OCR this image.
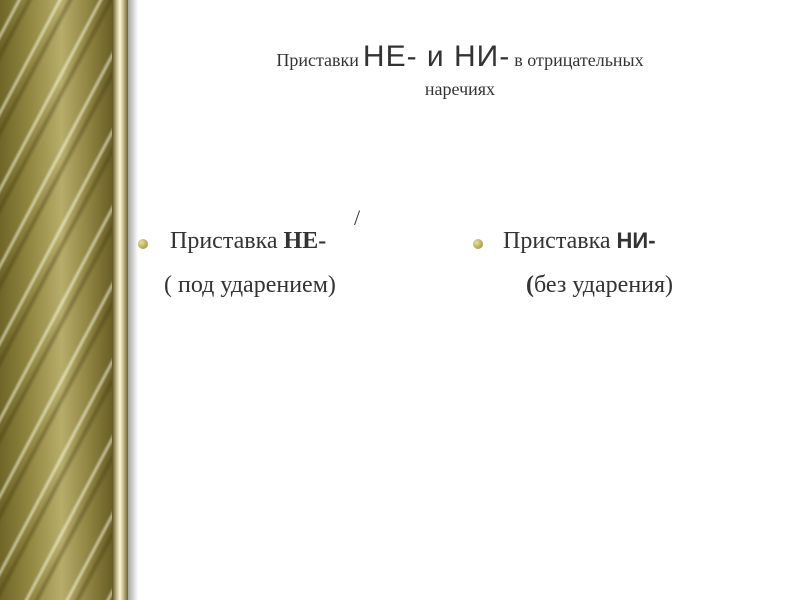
Приставки НЕ- и НИ- в отрицательных
наречиях
/
Приставка НЕ-
( под ударением)
Приставка НИ-
(без ударения)
